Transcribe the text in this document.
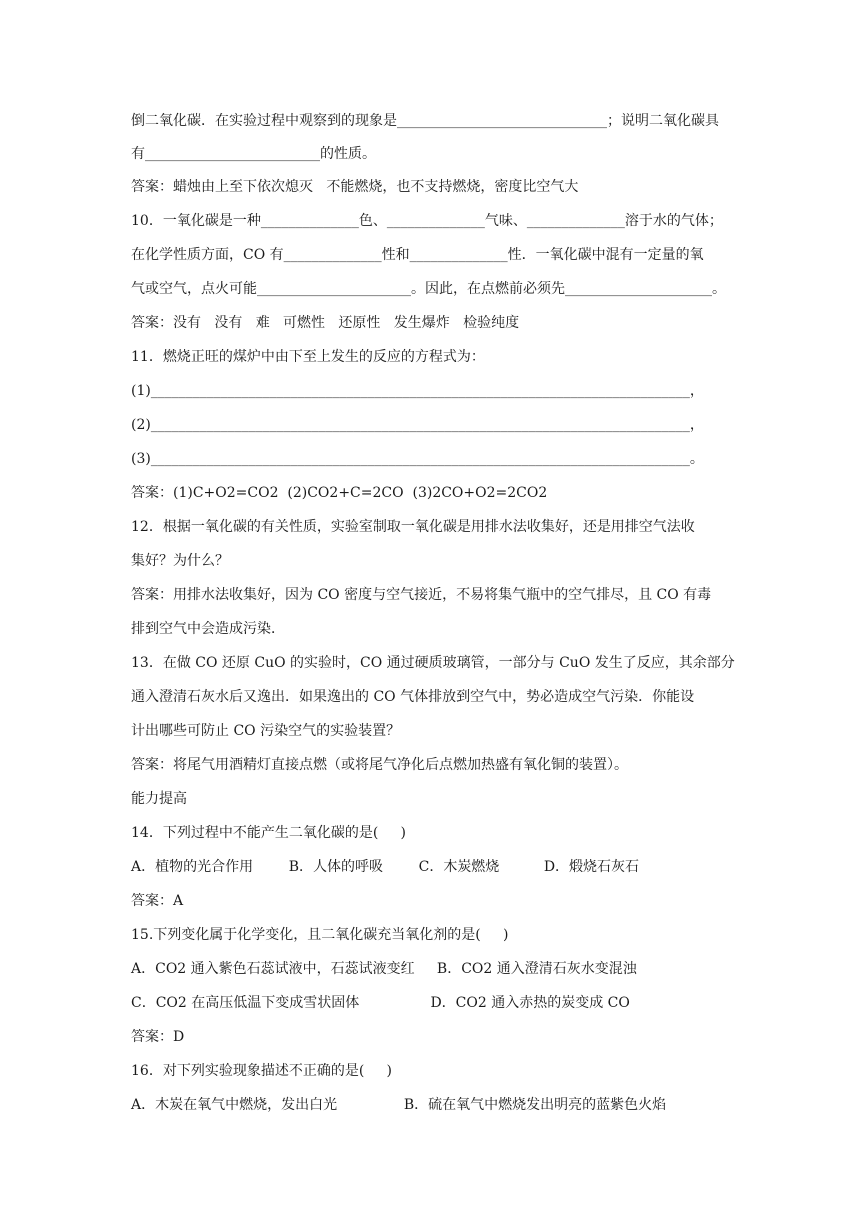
倒二氧化碳．在实验过程中观察到的现象是______________________________；说明二氧化碳具
有_________________________的性质。
答案：蜡烛由上至下依次熄灭   不能燃烧，也不支持燃烧，密度比空气大
10．一氧化碳是一种______________色、______________气味、______________溶于水的气体；
在化学性质方面，CO 有______________性和______________性．一氧化碳中混有一定量的氧
气或空气，点火可能______________________。因此，在点燃前必须先_____________________。
答案：没有   没有   难   可燃性   还原性   发生爆炸   检验纯度
11．燃烧正旺的煤炉中由下至上发生的反应的方程式为：
(1)_____________________________________________________________________________，
(2)_____________________________________________________________________________，
(3)_____________________________________________________________________________。
答案：(1)C+O2=CO2  (2)CO2+C=2CO  (3)2CO+O2=2CO2
12．根据一氧化碳的有关性质，实验室制取一氧化碳是用排水法收集好，还是用排空气法收
集好？为什么？
答案：用排水法收集好，因为 CO 密度与空气接近，不易将集气瓶中的空气排尽，且 CO 有毒
排到空气中会造成污染．
13．在做 CO 还原 CuO 的实验时，CO 通过硬质玻璃管，一部分与 CuO 发生了反应，其余部分
通入澄清石灰水后又逸出．如果逸出的 CO 气体排放到空气中，势必造成空气污染．你能设
计出哪些可防止 CO 污染空气的实验装置？
答案：将尾气用酒精灯直接点燃（或将尾气净化后点燃加热盛有氧化铜的装置）。
能力提高
14．下列过程中不能产生二氧化碳的是(     )
A．植物的光合作用        B．人体的呼吸        C．木炭燃烧          D．煅烧石灰石
答案：A
15.下列变化属于化学变化，且二氧化碳充当氧化剂的是(     )
A．CO2 通入紫色石蕊试液中，石蕊试液变红     B．CO2 通入澄清石灰水变混浊
C．CO2 在高压低温下变成雪状固体                D．CO2 通入赤热的炭变成 CO
答案：D
16．对下列实验现象描述不正确的是(     )
A．木炭在氧气中燃烧，发出白光               B．硫在氧气中燃烧发出明亮的蓝紫色火焰
